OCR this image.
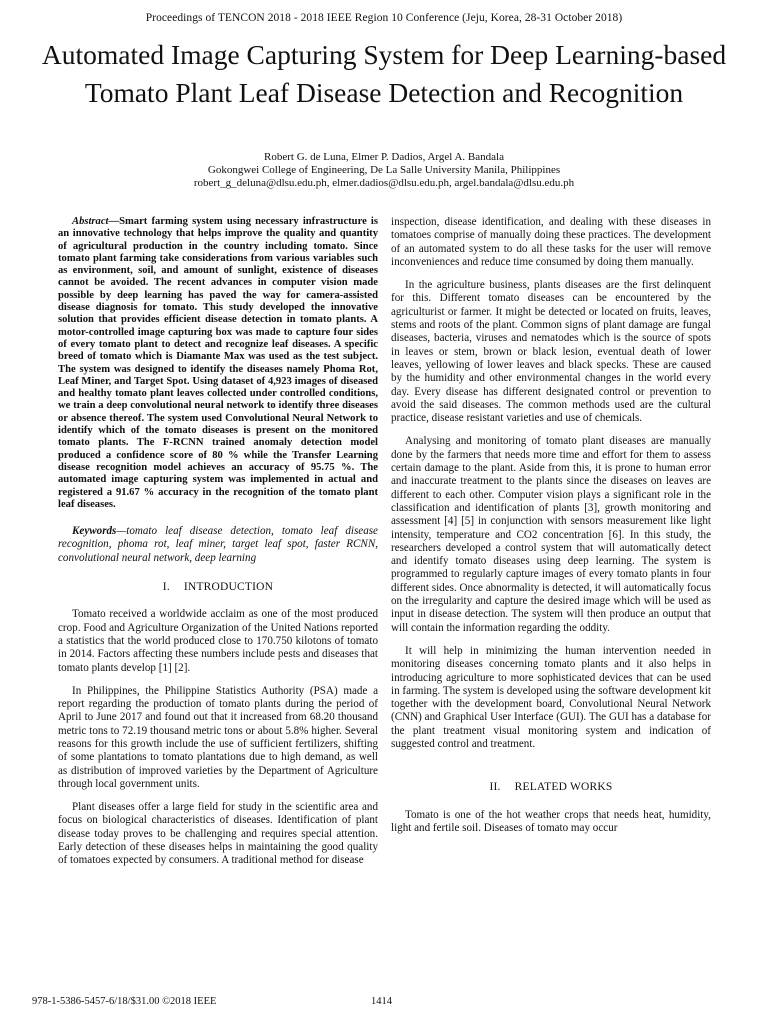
Proceedings of TENCON 2018 - 2018 IEEE Region 10 Conference (Jeju, Korea, 28-31 October 2018)
Automated Image Capturing System for Deep Learning-based Tomato Plant Leaf Disease Detection and Recognition
Robert G. de Luna, Elmer P. Dadios, Argel A. Bandala
Gokongwei College of Engineering, De La Salle University Manila, Philippines
robert_g_deluna@dlsu.edu.ph, elmer.dadios@dlsu.edu.ph, argel.bandala@dlsu.edu.ph

Abstract—Smart farming system using necessary infrastructure is an innovative technology that helps improve the quality and quantity of agricultural production in the country including tomato. Since tomato plant farming take considerations from various variables such as environment, soil, and amount of sunlight, existence of diseases cannot be avoided. The recent advances in computer vision made possible by deep learning has paved the way for camera-assisted disease diagnosis for tomato. This study developed the innovative solution that provides efficient disease detection in tomato plants. A motor-controlled image capturing box was made to capture four sides of every tomato plant to detect and recognize leaf diseases. A specific breed of tomato which is Diamante Max was used as the test subject. The system was designed to identify the diseases namely Phoma Rot, Leaf Miner, and Target Spot. Using dataset of 4,923 images of diseased and healthy tomato plant leaves collected under controlled conditions, we train a deep convolutional neural network to identify three diseases or absence thereof. The system used Convolutional Neural Network to identify which of the tomato diseases is present on the monitored tomato plants. The F-RCNN trained anomaly detection model produced a confidence score of 80 % while the Transfer Learning disease recognition model achieves an accuracy of 95.75 %. The automated image capturing system was implemented in actual and registered a 91.67 % accuracy in the recognition of the tomato plant leaf diseases.

Keywords—tomato leaf disease detection, tomato leaf disease recognition, phoma rot, leaf miner, target leaf spot, faster RCNN, convolutional neural network, deep learning

I. INTRODUCTION

Tomato received a worldwide acclaim as one of the most produced crop. Food and Agriculture Organization of the United Nations reported a statistics that the world produced close to 170.750 kilotons of tomato in 2014. Factors affecting these numbers include pests and diseases that tomato plants develop [1] [2].

In Philippines, the Philippine Statistics Authority (PSA) made a report regarding the production of tomato plants during the period of April to June 2017 and found out that it increased from 68.20 thousand metric tons to 72.19 thousand metric tons or about 5.8% higher. Several reasons for this growth include the use of sufficient fertilizers, shifting of some plantations to tomato plantations due to high demand, as well as distribution of improved varieties by the Department of Agriculture through local government units.

Plant diseases offer a large field for study in the scientific area and focus on biological characteristics of diseases. Identification of plant disease today proves to be challenging and requires special attention. Early detection of these diseases helps in maintaining the good quality of tomatoes expected by consumers. A traditional method for disease

inspection, disease identification, and dealing with these diseases in tomatoes comprise of manually doing these practices. The development of an automated system to do all these tasks for the user will remove inconveniences and reduce time consumed by doing them manually.

In the agriculture business, plants diseases are the first delinquent for this. Different tomato diseases can be encountered by the agriculturist or farmer. It might be detected or located on fruits, leaves, stems and roots of the plant. Common signs of plant damage are fungal diseases, bacteria, viruses and nematodes which is the source of spots in leaves or stem, brown or black lesion, eventual death of lower leaves, yellowing of lower leaves and black specks. These are caused by the humidity and other environmental changes in the world every day. Every disease has different designated control or prevention to avoid the said diseases. The common methods used are the cultural practice, disease resistant varieties and use of chemicals.

Analysing and monitoring of tomato plant diseases are manually done by the farmers that needs more time and effort for them to assess certain damage to the plant. Aside from this, it is prone to human error and inaccurate treatment to the plants since the diseases on leaves are different to each other. Computer vision plays a significant role in the classification and identification of plants [3], growth monitoring and assessment [4] [5] in conjunction with sensors measurement like light intensity, temperature and CO2 concentration [6]. In this study, the researchers developed a control system that will automatically detect and identify tomato diseases using deep learning. The system is programmed to regularly capture images of every tomato plants in four different sides. Once abnormality is detected, it will automatically focus on the irregularity and capture the desired image which will be used as input in disease detection. The system will then produce an output that will contain the information regarding the oddity.

It will help in minimizing the human intervention needed in monitoring diseases concerning tomato plants and it also helps in introducing agriculture to more sophisticated devices that can be used in farming. The system is developed using the software development kit together with the development board, Convolutional Neural Network (CNN) and Graphical User Interface (GUI). The GUI has a database for the plant treatment visual monitoring system and indication of suggested control and treatment.

II. RELATED WORKS

Tomato is one of the hot weather crops that needs heat, humidity, light and fertile soil. Diseases of tomato may occur

978-1-5386-5457-6/18/$31.00 ©2018 IEEE	1414
